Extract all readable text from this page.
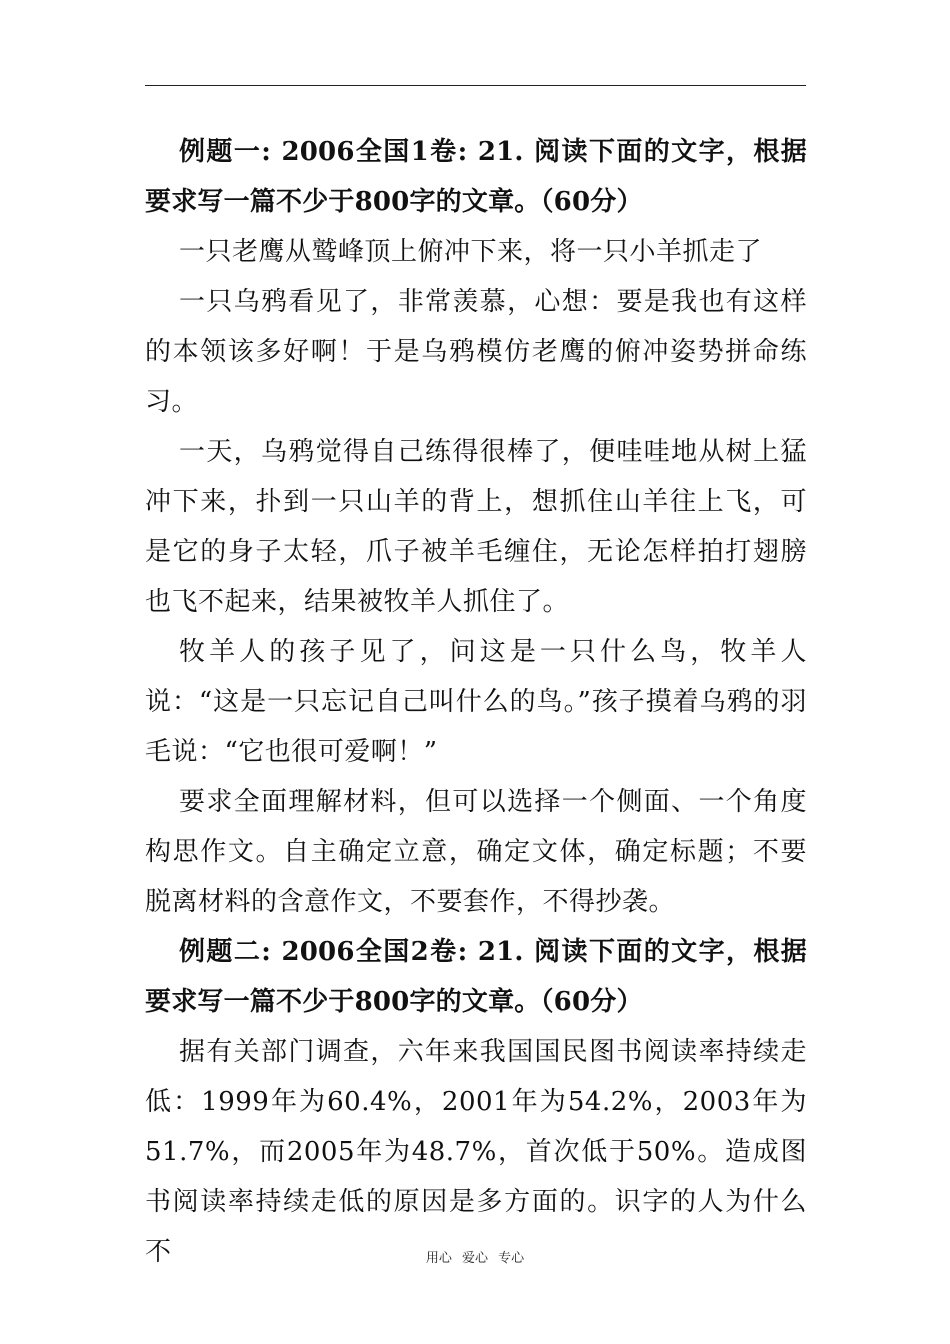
例题一: 2006全国1卷: 21. 阅读下面的文字，根据要求写一篇不少于800字的文章。（60分）

一只老鹰从鹫峰顶上俯冲下来，将一只小羊抓走了

一只乌鸦看见了，非常羡慕，心想：要是我也有这样的本领该多好啊！于是乌鸦模仿老鹰的俯冲姿势拼命练习。

一天，乌鸦觉得自己练得很棒了，便哇哇地从树上猛冲下来，扑到一只山羊的背上，想抓住山羊往上飞，可是它的身子太轻，爪子被羊毛缠住，无论怎样拍打翅膀也飞不起来，结果被牧羊人抓住了。

牧羊人的孩子见了，问这是一只什么鸟，牧羊人说：“这是一只忘记自己叫什么的鸟。”孩子摸着乌鸦的羽毛说：“它也很可爱啊！”

要求全面理解材料，但可以选择一个侧面、一个角度构思作文。自主确定立意，确定文体，确定标题；不要脱离材料的含意作文，不要套作，不得抄袭。

例题二: 2006全国2卷: 21. 阅读下面的文字，根据要求写一篇不少于800字的文章。（60分）

据有关部门调查，六年来我国国民图书阅读率持续走低：1999年为60.4%，2001年为54.2%，2003年为51.7%，而2005年为48.7%，首次低于50%。造成图书阅读率持续走低的原因是多方面的。识字的人为什么不	用心 爱心 专心
